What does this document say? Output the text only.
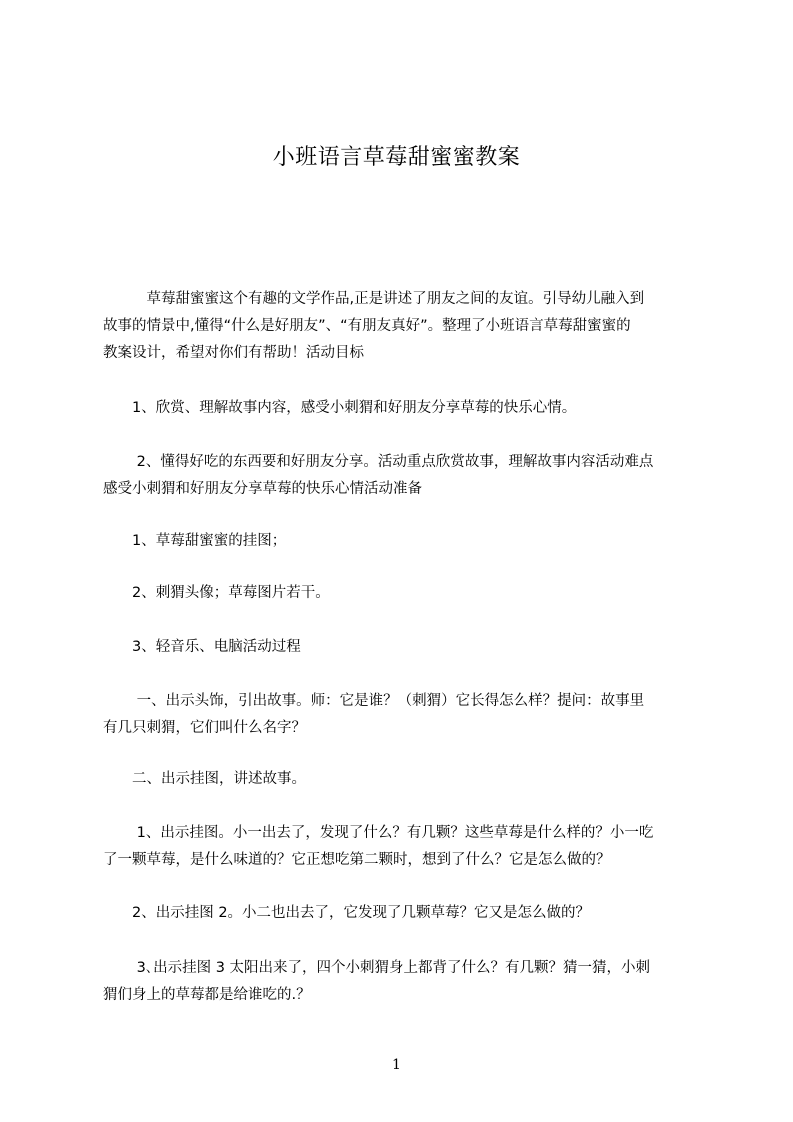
小班语言草莓甜蜜蜜教案
　　　草莓甜蜜蜜这个有趣的文学作品,正是讲述了朋友之间的友谊。引导幼儿融入到
故事的情景中,懂得“什么是好朋友”、“有朋友真好”。整理了小班语言草莓甜蜜蜜的
教案设计，希望对你们有帮助！活动目标
　　1、欣赏、理解故事内容，感受小刺猬和好朋友分享草莓的快乐心情。
　　 2、懂得好吃的东西要和好朋友分享。活动重点欣赏故事，理解故事内容活动难点
感受小刺猬和好朋友分享草莓的快乐心情活动准备
　　1、草莓甜蜜蜜的挂图；
　　2、刺猬头像；草莓图片若干。
　　3、轻音乐、电脑活动过程
　　 一、出示头饰，引出故事。师：它是谁？（刺猬）它长得怎么样？提问：故事里
有几只刺猬，它们叫什么名字？
　　二、出示挂图，讲述故事。
　　 1、出示挂图。小一出去了，发现了什么？有几颗？这些草莓是什么样的？小一吃
了一颗草莓，是什么味道的？它正想吃第二颗时，想到了什么？它是怎么做的？
　　2、出示挂图 2。小二也出去了，它发现了几颗草莓？它又是怎么做的？
　　 3､出示挂图 3 太阳出来了，四个小刺猬身上都背了什么？有几颗？猜一猜，小刺
猬们身上的草莓都是给谁吃的.？
1
